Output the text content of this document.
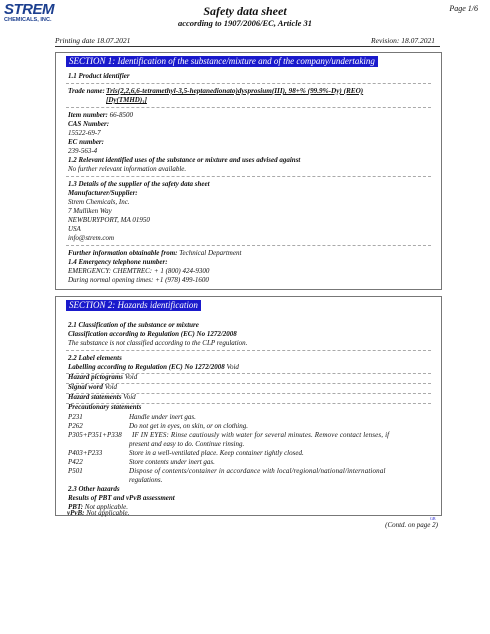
STREM
CHEMICALS, INC.
Safety data sheet
according to 1907/2006/EC, Article 31
Page 1/6
Printing date 18.07.2021	Revision: 18.07.2021
SECTION 1: Identification of the substance/mixture and of the company/undertaking
1.1 Product identifier
Trade name: Tris(2,2,6,6-tetramethyl-3,5-heptanedionato)dysprosium(III), 98+% (99.9%-Dy) (REO)
[Dy(TMHD)₃]
Item number: 66-8500
CAS Number:
15522-69-7
EC number:
239-563-4
1.2 Relevant identified uses of the substance or mixture and uses advised against
No further relevant information available.
1.3 Details of the supplier of the safety data sheet
Manufacturer/Supplier:
Strem Chemicals, Inc.
7 Mulliken Way
NEWBURYPORT, MA 01950
USA
info@strem.com
Further information obtainable from: Technical Department
1.4 Emergency telephone number:
EMERGENCY: CHEMTREC: + 1 (800) 424-9300
During normal opening times: +1 (978) 499-1600
SECTION 2: Hazards identification
2.1 Classification of the substance or mixture
Classification according to Regulation (EC) No 1272/2008
The substance is not classified according to the CLP regulation.
2.2 Label elements
Labelling according to Regulation (EC) No 1272/2008 Void
Hazard pictograms Void
Signal word Void
Hazard statements Void
Precautionary statements
P231	Handle under inert gas.
P262	Do not get in eyes, on skin, or on clothing.
P305+P351+P338 IF IN EYES: Rinse cautiously with water for several minutes. Remove contact lenses, if
present and easy to do. Continue rinsing.
P403+P233	Store in a well-ventilated place. Keep container tightly closed.
P422	Store contents under inert gas.
P501	Dispose of contents/container in accordance with local/regional/national/international
regulations.
2.3 Other hazards
Results of PBT and vPvB assessment
PBT: Not applicable.
vPvB: Not applicable.
GB
(Contd. on page 2)
